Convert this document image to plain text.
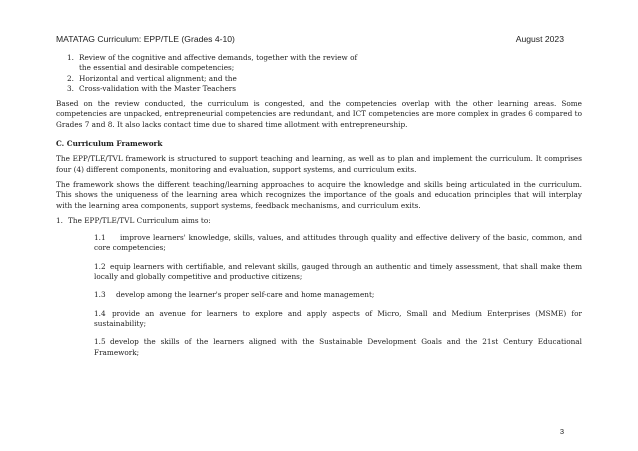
MATATAG Curriculum: EPP/TLE (Grades 4-10)	August 2023
1. Review of the cognitive and affective demands, together with the review of
the essential and desirable competencies;
2. Horizontal and vertical alignment; and the
3. Cross-validation with the Master Teachers

Based on the review conducted, the curriculum is congested, and the competencies overlap with the other learning areas. Some competencies are unpacked, entrepreneurial competencies are redundant, and ICT competencies are more complex in grades 6 compared to Grades 7 and 8. It also lacks contact time due to shared time allotment with entrepreneurship.

C. Curriculum Framework

The EPP/TLE/TVL framework is structured to support teaching and learning, as well as to plan and implement the curriculum. It comprises four (4) different components, monitoring and evaluation, support systems, and curriculum exits.

The framework shows the different teaching/learning approaches to acquire the knowledge and skills being articulated in the curriculum. This shows the uniqueness of the learning area which recognizes the importance of the goals and education principles that will interplay with the learning area components, support systems, feedback mechanisms, and curriculum exits.

1. The EPP/TLE/TVL Curriculum aims to:
1.1 improve learners' knowledge, skills, values, and attitudes through quality and effective delivery of the basic, common, and core competencies;
1.2 equip learners with certifiable, and relevant skills, gauged through an authentic and timely assessment, that shall make them locally and globally competitive and productive citizens;
1.3 develop among the learner's proper self-care and home management;
1.4 provide an avenue for learners to explore and apply aspects of Micro, Small and Medium Enterprises (MSME) for sustainability;
1.5 develop the skills of the learners aligned with the Sustainable Development Goals and the 21st Century Educational Framework;
3
